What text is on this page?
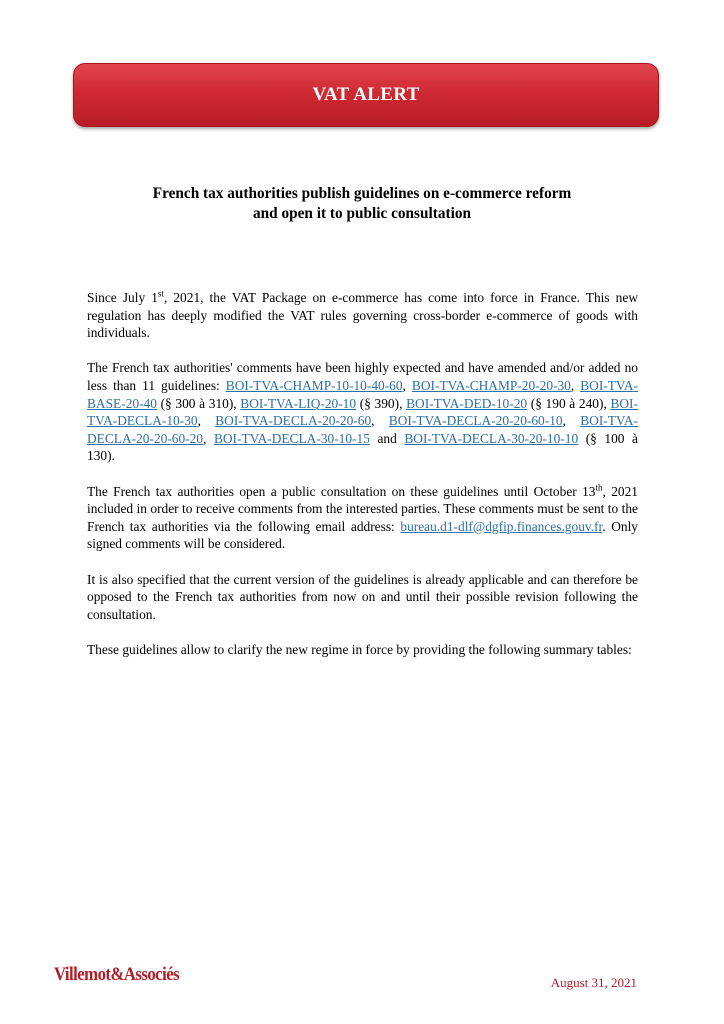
VAT ALERT
French tax authorities publish guidelines on e-commerce reform
and open it to public consultation

Since July 1st, 2021, the VAT Package on e-commerce has come into force in France. This new regulation has deeply modified the VAT rules governing cross-border e-commerce of goods with individuals.

The French tax authorities' comments have been highly expected and have amended and/or added no less than 11 guidelines: BOI-TVA-CHAMP-10-10-40-60, BOI-TVA-CHAMP-20-20-30, BOI-TVA-BASE-20-40 (§ 300 à 310), BOI-TVA-LIQ-20-10 (§ 390), BOI-TVA-DED-10-20 (§ 190 à 240), BOI-TVA-DECLA-10-30, BOI-TVA-DECLA-20-20-60, BOI-TVA-DECLA-20-20-60-10, BOI-TVA-DECLA-20-20-60-20, BOI-TVA-DECLA-30-10-15 and BOI-TVA-DECLA-30-20-10-10 (§ 100 à 130).

The French tax authorities open a public consultation on these guidelines until October 13th, 2021 included in order to receive comments from the interested parties. These comments must be sent to the French tax authorities via the following email address: bureau.d1-dlf@dgfip.finances.gouv.fr. Only signed comments will be considered.

It is also specified that the current version of the guidelines is already applicable and can therefore be opposed to the French tax authorities from now on and until their possible revision following the consultation.

These guidelines allow to clarify the new regime in force by providing the following summary tables:

Villemot&Associés	August 31, 2021
